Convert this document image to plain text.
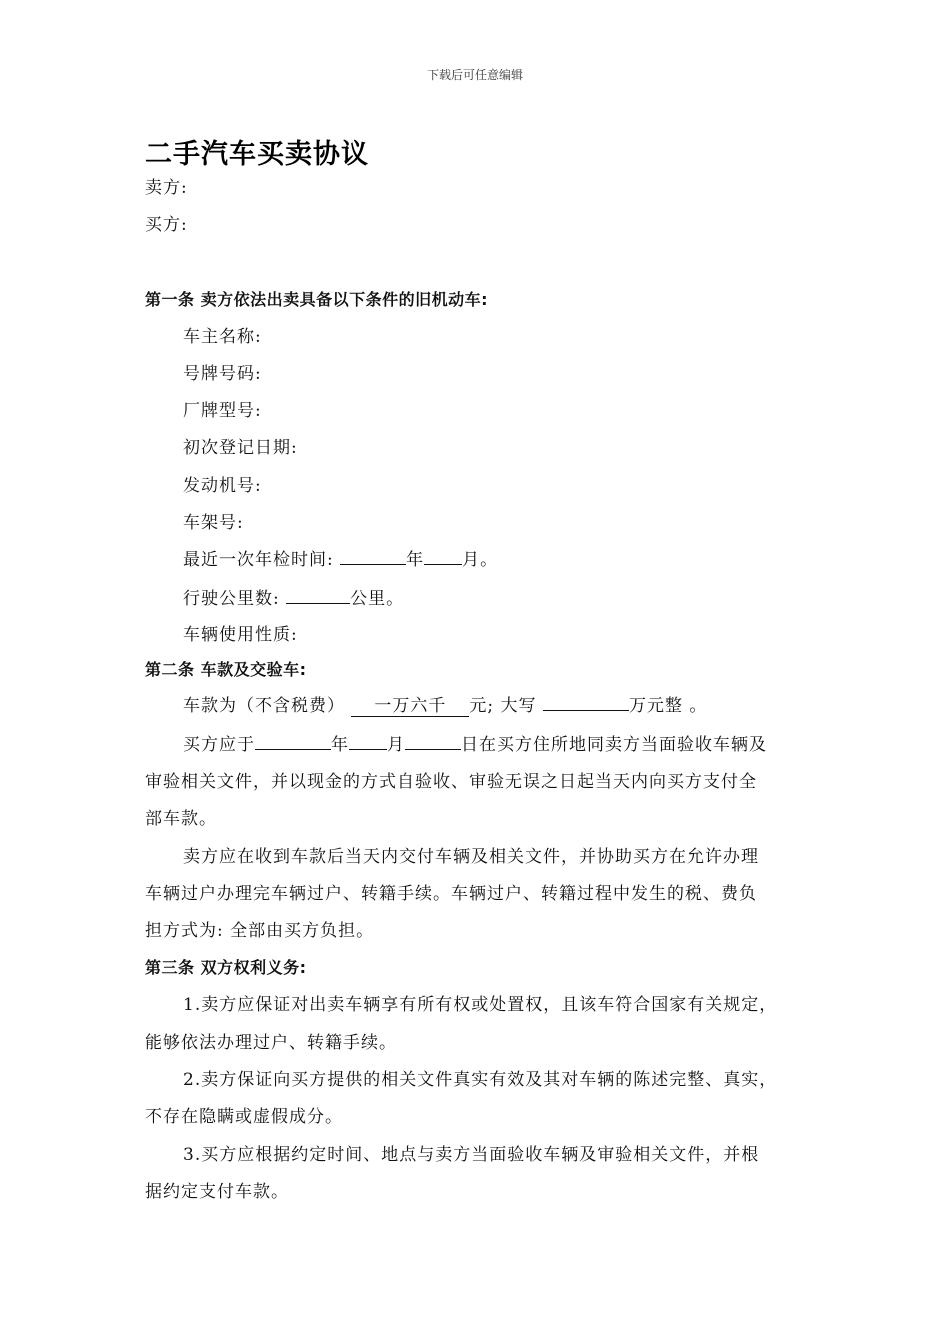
下载后可任意编辑
二手汽车买卖协议
卖方:
买方:
第一条 卖方依法出卖具备以下条件的旧机动车:
车主名称:
号牌号码:
厂牌型号:
初次登记日期:
发动机号:
车架号:
最近一次年检时间:	年 月。
行驶公里数:	公里。
车辆使用性质:
第二条 车款及交验车:
车款为（不含税费） 一万六千 元; 大写	万元整 。
买方应于	年 月	日在买方住所地同卖方当面验收车辆及
审验相关文件，并以现金的方式自验收、审验无误之日起当天内向买方支付全
部车款。
卖方应在收到车款后当天内交付车辆及相关文件，并协助买方在允许办理
车辆过户办理完车辆过户、转籍手续。车辆过户、转籍过程中发生的税、费负
担方式为: 全部由买方负担。
第三条 双方权利义务:
1.卖方应保证对出卖车辆享有所有权或处置权，且该车符合国家有关规定，
能够依法办理过户、转籍手续。
2.卖方保证向买方提供的相关文件真实有效及其对车辆的陈述完整、真实，
不存在隐瞒或虚假成分。
3.买方应根据约定时间、地点与卖方当面验收车辆及审验相关文件，并根
据约定支付车款。
